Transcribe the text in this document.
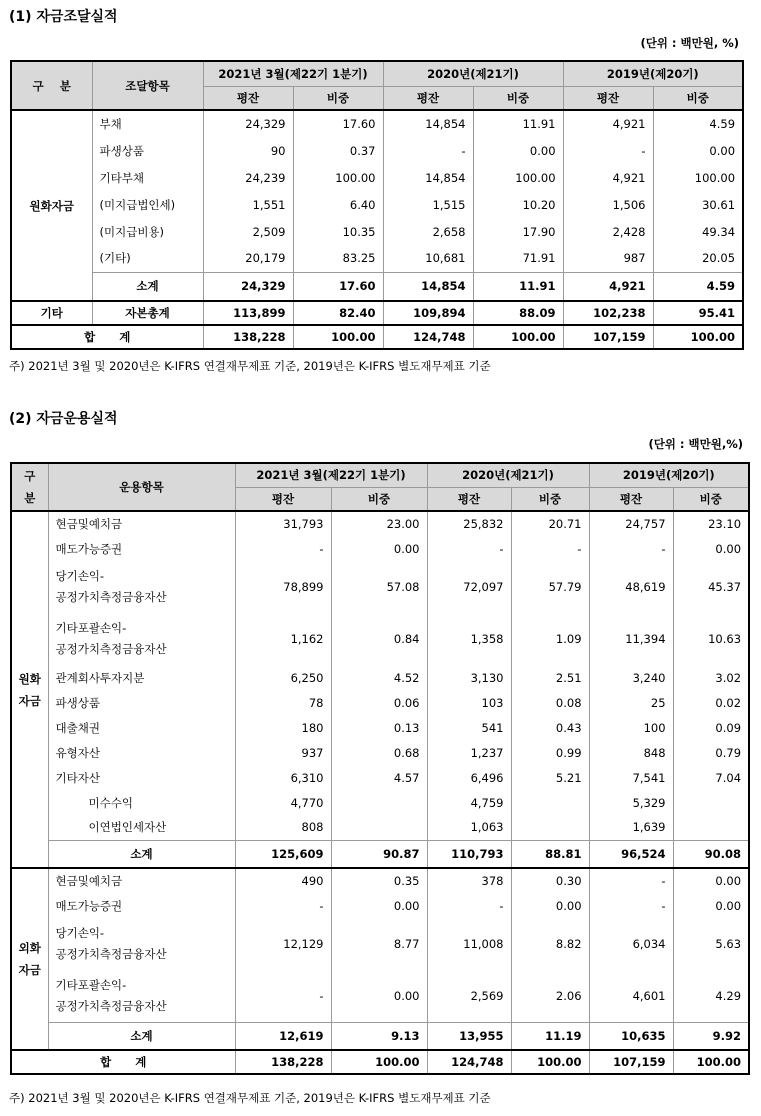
(1) 자금조달실적
(단위 : 백만원, %)
구    분	조달항목	2021년 3월(제22기 1분기)		2020년(제21기)		2019년(제20기)	
		평잔	비중	평잔	비중	평잔	비중
원화자금	부채	24,329	17.60	14,854	11.91	4,921	4.59
	파생상품	90	0.37	-	0.00	-	0.00
	기타부채	24,239	100.00	14,854	100.00	4,921	100.00
	(미지급법인세)	1,551	6.40	1,515	10.20	1,506	30.61
	(미지급비용)	2,509	10.35	2,658	17.90	2,428	49.34
	(기타)	20,179	83.25	10,681	71.91	987	20.05
	소계	24,329	17.60	14,854	11.91	4,921	4.59
기타	자본총계	113,899	82.40	109,894	88.09	102,238	95.41
합      계		138,228	100.00	124,748	100.00	107,159	100.00
주) 2021년 3월 및 2020년은 K-IFRS 연결재무제표 기준, 2019년은 K-IFRS 별도재무제표 기준
(2) 자금운용실적
(단위 : 백만원,%)
구
분	운용항목	2021년 3월(제22기 1분기)		2020년(제21기)		2019년(제20기)	
		평잔	비중	평잔	비중	평잔	비중

원화
자금	현금및예치금	31,793	23.00	25,832	20.71	24,757	23.10

	매도가능증권	-	0.00	-	-	-	0.00

	당기손익-
공정가치측정금융자산	78,899	57.08	72,097	57.79	48,619	45.37

	기타포괄손익-
공정가치측정금융자산	1,162	0.84	1,358	1.09	11,394	10.63

	관계회사투자지분	6,250	4.52	3,130	2.51	3,240	3.02

	파생상품	78	0.06	103	0.08	25	0.02

	대출채권	180	0.13	541	0.43	100	0.09

	유형자산	937	0.68	1,237	0.99	848	0.79

	기타자산	6,310	4.57	6,496	5.21	7,541	7.04

	미수수익	4,770		4,759		5,329	

	이연법인세자산	808		1,063		1,639	
	소계	125,609	90.87	110,793	88.81	96,524	90.08

외화
자금	현금및예치금	490	0.35	378	0.30	-	0.00

	매도가능증권	-	0.00	-	0.00	-	0.00

	당기손익-
공정가치측정금융자산	12,129	8.77	11,008	8.82	6,034	5.63

	기타포괄손익-
공정가치측정금융자산	-	0.00	2,569	2.06	4,601	4.29
	소계	12,619	9.13	13,955	11.19	10,635	9.92
합      계		138,228	100.00	124,748	100.00	107,159	100.00
주) 2021년 3월 및 2020년은 K-IFRS 연결재무제표 기준, 2019년은 K-IFRS 별도재무제표 기준
